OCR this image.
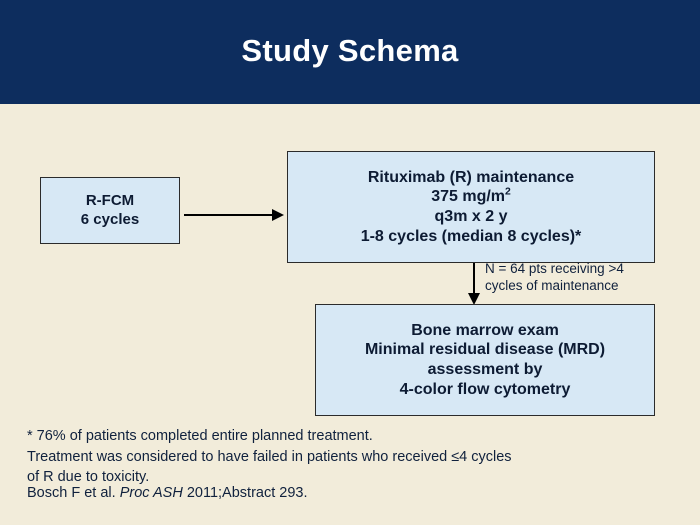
Study Schema
R-FCM
6 cycles
Rituximab (R) maintenance
375 $mg/m^2$
q3m x 2 y
1-8 cycles (median 8 cycles)*
N = 64 pts receiving >4
cycles of maintenance
Bone marrow exam
Minimal residual disease (MRD)
assessment by
4-color flow cytometry
* 76% of patients completed entire planned treatment.
Treatment was considered to have failed in patients who received ≤4 cycles
of R due to toxicity.
Bosch F et al. Proc ASH 2011;Abstract 293.
